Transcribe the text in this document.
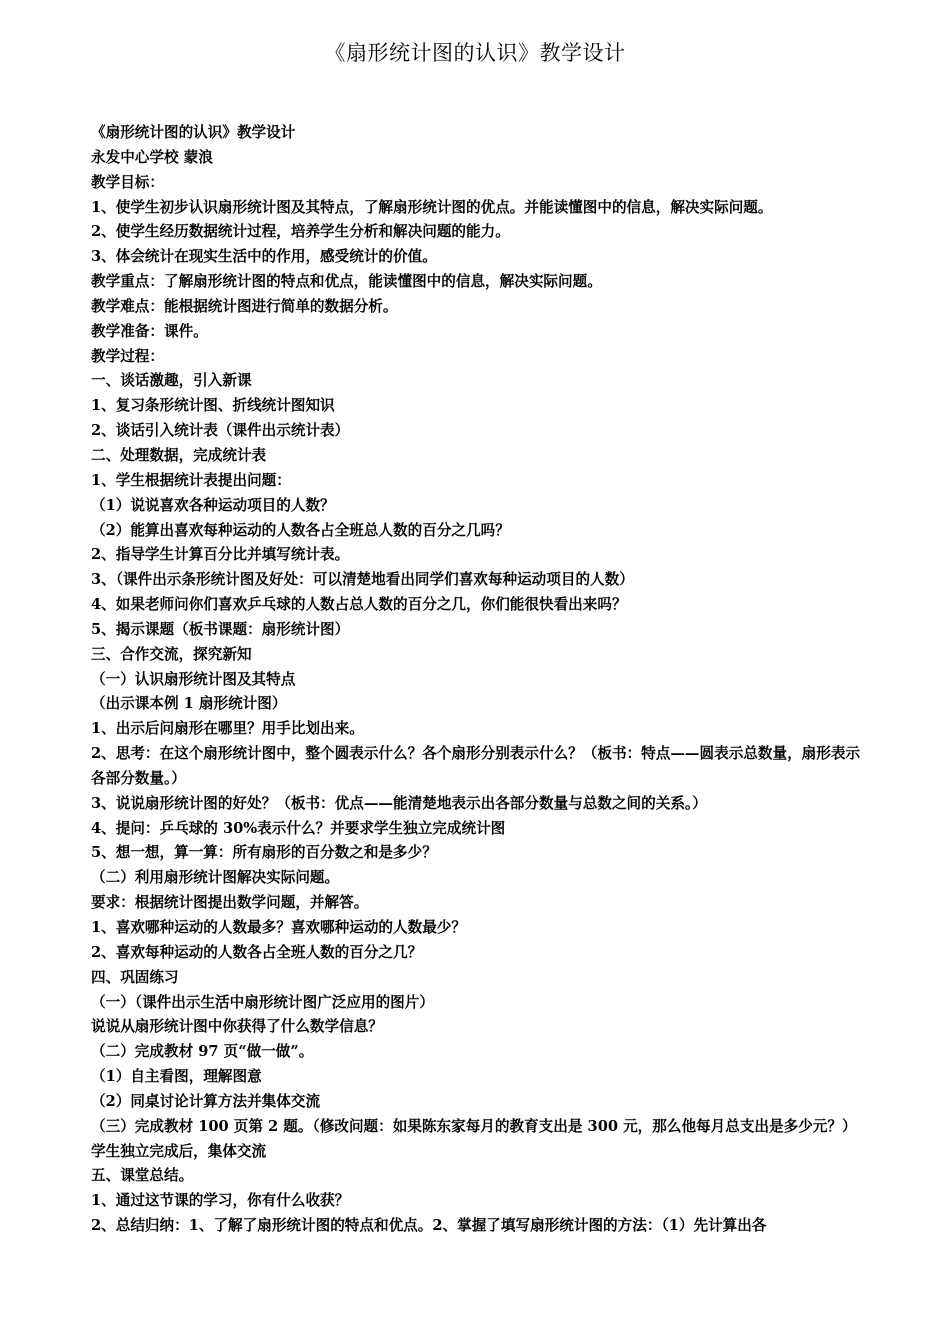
《扇形统计图的认识》教学设计
《扇形统计图的认识》教学设计
永发中心学校 蒙浪
教学目标：
1、使学生初步认识扇形统计图及其特点，了解扇形统计图的优点。并能读懂图中的信息，解决实际问题。
2、使学生经历数据统计过程，培养学生分析和解决问题的能力。
3、体会统计在现实生活中的作用，感受统计的价值。
教学重点：了解扇形统计图的特点和优点，能读懂图中的信息，解决实际问题。
教学难点：能根据统计图进行简单的数据分析。
教学准备：课件。
教学过程：
一、谈话激趣，引入新课
1、复习条形统计图、折线统计图知识
2、谈话引入统计表（课件出示统计表）
二、处理数据，完成统计表
1、学生根据统计表提出问题：
（1）说说喜欢各种运动项目的人数？
（2）能算出喜欢每种运动的人数各占全班总人数的百分之几吗？
2、指导学生计算百分比并填写统计表。
3、（课件出示条形统计图及好处：可以清楚地看出同学们喜欢每种运动项目的人数）
4、如果老师问你们喜欢乒乓球的人数占总人数的百分之几，你们能很快看出来吗？
5、揭示课题（板书课题：扇形统计图）
三、合作交流，探究新知
（一）认识扇形统计图及其特点
（出示课本例 1 扇形统计图）
1、出示后问扇形在哪里？用手比划出来。
2、思考：在这个扇形统计图中，整个圆表示什么？各个扇形分别表示什么？（板书：特点——圆表示总数量，扇形表示各部分数量。）
3、说说扇形统计图的好处？（板书：优点——能清楚地表示出各部分数量与总数之间的关系。）
4、提问：乒乓球的 30%表示什么？并要求学生独立完成统计图
5、想一想，算一算：所有扇形的百分数之和是多少？
（二）利用扇形统计图解决实际问题。
要求：根据统计图提出数学问题，并解答。
1、喜欢哪种运动的人数最多？喜欢哪种运动的人数最少？
2、喜欢每种运动的人数各占全班人数的百分之几？
四、巩固练习
（一）（课件出示生活中扇形统计图广泛应用的图片）
说说从扇形统计图中你获得了什么数学信息？
（二）完成教材 97 页“做一做”。
（1）自主看图，理解图意
（2）同桌讨论计算方法并集体交流
（三）完成教材 100 页第 2 题。（修改问题：如果陈东家每月的教育支出是 300 元，那么他每月总支出是多少元？）
学生独立完成后，集体交流
五、课堂总结。
1、通过这节课的学习，你有什么收获？
2、总结归纳：1、了解了扇形统计图的特点和优点。2、掌握了填写扇形统计图的方法：（1）先计算出各
